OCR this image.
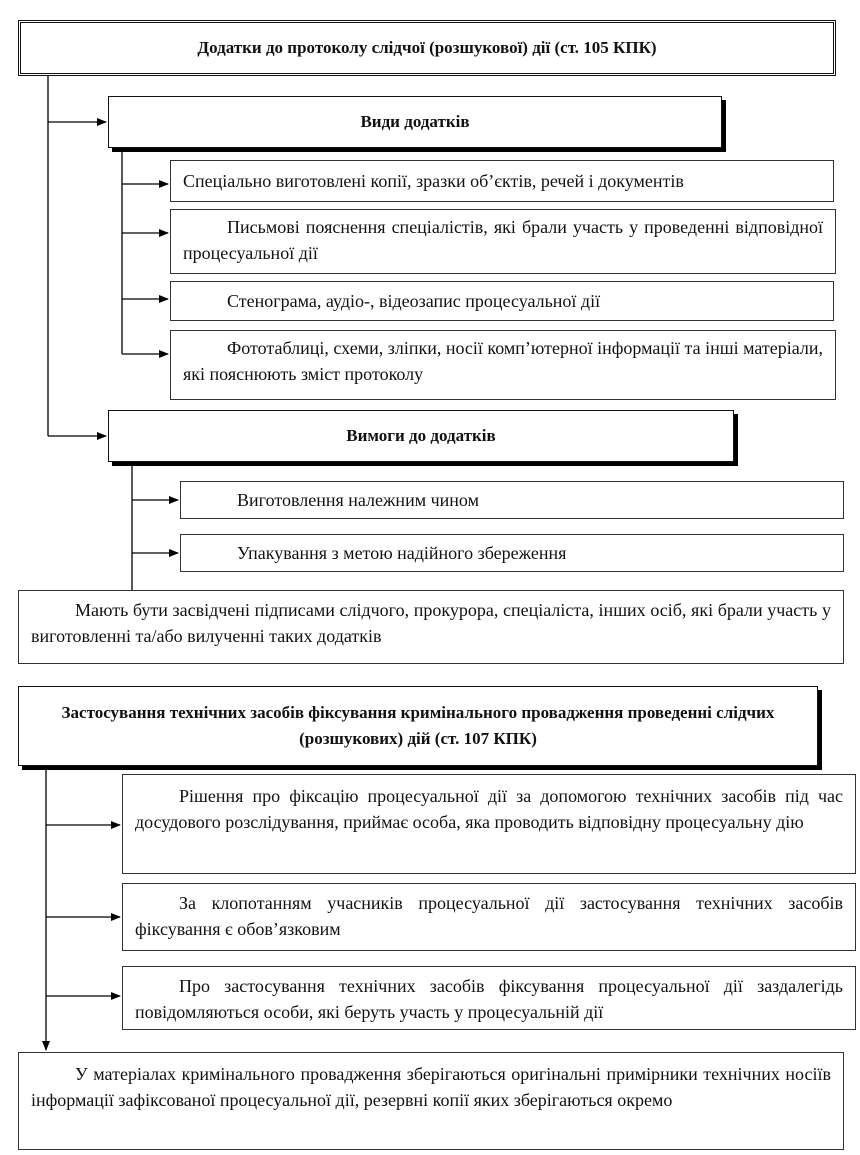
Додатки до протоколу слідчої (розшукової) дії (ст. 105 КПК)
Види додатків
Спеціально виготовлені копії, зразки об’єктів, речей і документів
Письмові пояснення спеціалістів, які брали участь у проведенні відповідної процесуальної дії
Стенограма, аудіо-, відеозапис процесуальної дії
Фототаблиці, схеми, зліпки, носії комп’ютерної інформації та інші матеріали, які пояснюють зміст протоколу
Вимоги до додатків
Виготовлення належним чином
Упакування з метою надійного збереження
Мають бути засвідчені підписами слідчого, прокурора, спеціаліста, інших осіб, які брали участь у виготовленні та/або вилученні таких додатків
Застосування технічних засобів фіксування кримінального провадження проведенні слідчих (розшукових) дій (ст. 107 КПК)
Рішення про фіксацію процесуальної дії за допомогою технічних засобів під час досудового розслідування, приймає особа, яка проводить відповідну процесуальну дію
За клопотанням учасників процесуальної дії застосування технічних засобів фіксування є обов’язковим
Про застосування технічних засобів фіксування процесуальної дії заздалегідь повідомляються особи, які беруть участь у процесуальній дії
У матеріалах кримінального провадження зберігаються оригінальні примірники технічних носіїв інформації зафіксованої процесуальної дії, резервні копії яких зберігаються окремо
